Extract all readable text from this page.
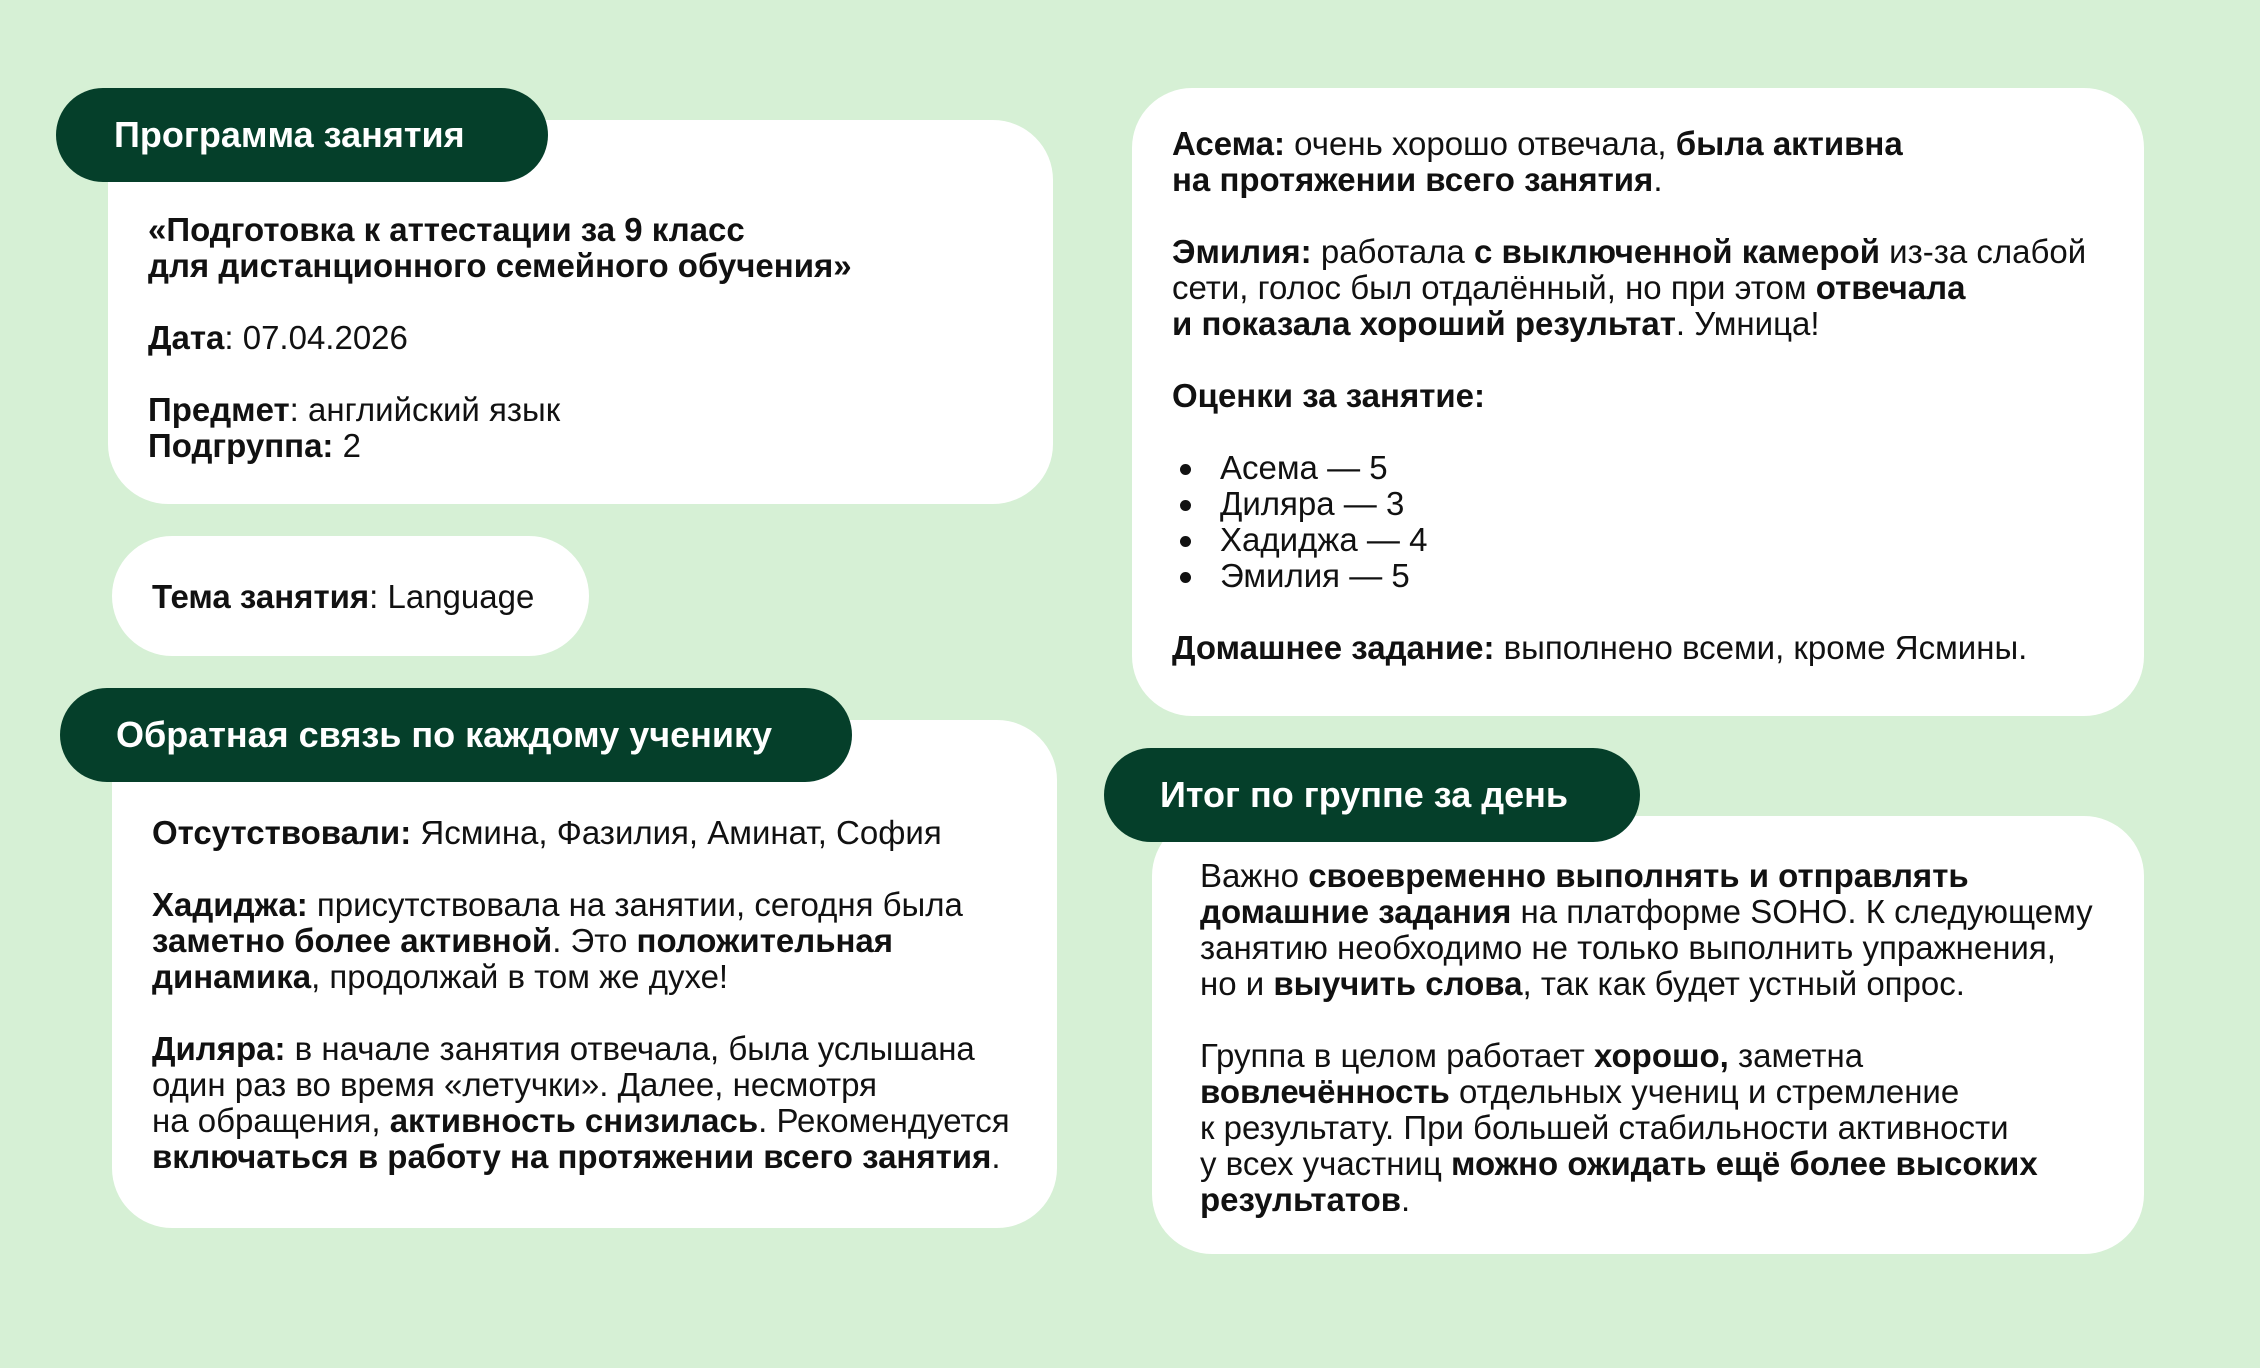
Программа занятия

«Подготовка к аттестации за 9 класс
для дистанционного семейного обучения»

Дата: 07.04.2026

Предмет: английский язык
Подгруппа: 2

Тема занятия: Language
Обратная связь по каждому ученику

Отсутствовали: Ясмина, Фазилия, Аминат, София

Хадиджа: присутствовала на занятии, сегодня была
заметно более активной. Это положительная
динамика, продолжай в том же духе!

Диляра: в начале занятия отвечала, была услышана
один раз во время «летучки». Далее, несмотря
на обращения, активность снизилась. Рекомендуется
включаться в работу на протяжении всего занятия.

Асема: очень хорошо отвечала, была активна
на протяжении всего занятия.

Эмилия: работала с выключенной камерой из-за слабой
сети, голос был отдалённый, но при этом отвечала
и показала хороший результат. Умница!

Оценки за занятие:

Асема — 5
Диляра — 3
Хадиджа — 4
Эмилия — 5

Домашнее задание: выполнено всеми, кроме Ясмины.

Итог по группе за день

Важно своевременно выполнять и отправлять
домашние задания на платформе SOHO. К следующему
занятию необходимо не только выполнить упражнения,
но и выучить слова, так как будет устный опрос.

Группа в целом работает хорошо, заметна
вовлечённость отдельных учениц и стремление
к результату. При большей стабильности активности
у всех участниц можно ожидать ещё более высоких
результатов.
